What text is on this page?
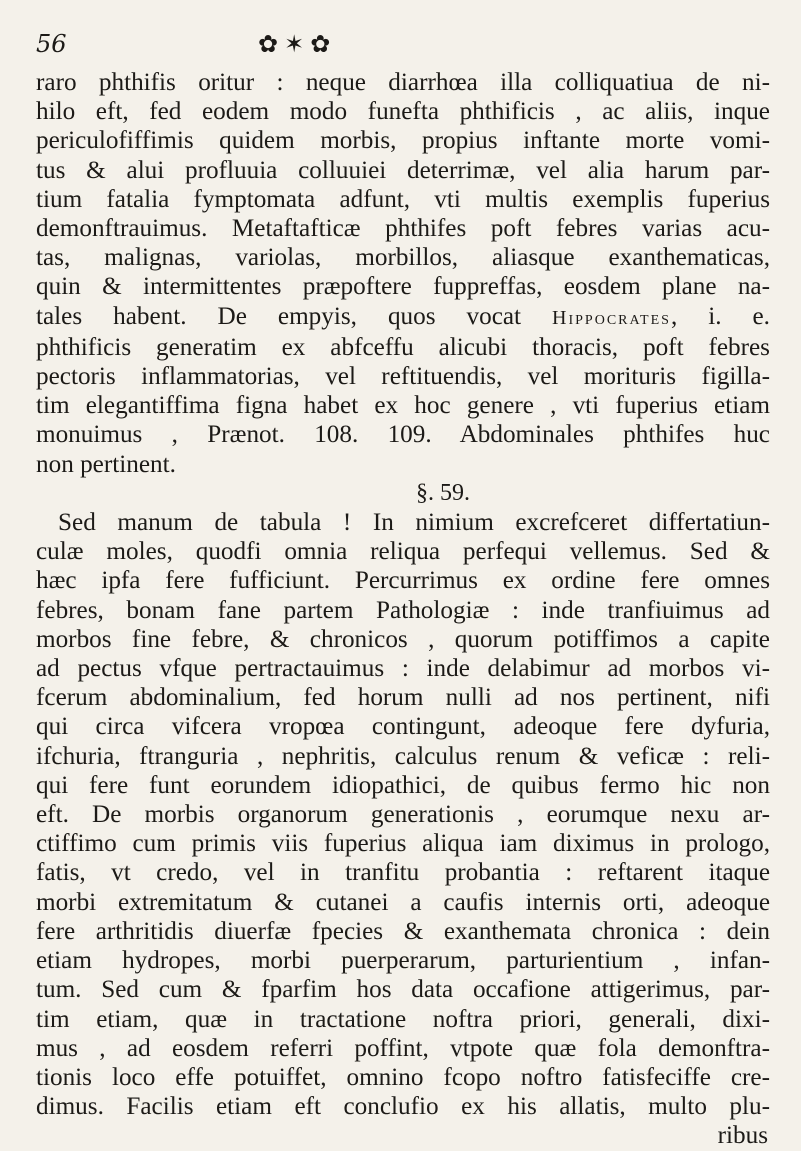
56	✿✶✿
raro phthifis oritur : neque diarrhœa illa colliquatiua de ni-
hilo eft, fed eodem modo funefta phthificis , ac aliis, inque
periculofiffimis quidem morbis, propius inftante morte vomi-
tus & alui profluuia colluuiei deterrimæ, vel alia harum par-
tium fatalia fymptomata adfunt, vti multis exemplis fuperius
demonftrauimus. Metaftafticæ phthifes poft febres varias acu-
tas, malignas, variolas, morbillos, aliasque exanthematicas,
quin & intermittentes præpoftere fuppreffas, eosdem plane na-
tales habent. De empyis, quos vocat Hippocrates, i. e.
phthificis generatim ex abfceffu alicubi thoracis, poft febres
pectoris inflammatorias, vel reftituendis, vel morituris figilla-
tim elegantiffima figna habet ex hoc genere , vti fuperius etiam
monuimus , Prænot. 108. 109. Abdominales phthifes huc
non pertinent.
§. 59.
Sed manum de tabula ! In nimium excrefceret differtatiun-
culæ moles, quodfi omnia reliqua perfequi vellemus. Sed &
hæc ipfa fere fufficiunt. Percurrimus ex ordine fere omnes
febres, bonam fane partem Pathologiæ : inde tranfiuimus ad
morbos fine febre, & chronicos , quorum potiffimos a capite
ad pectus vfque pertractauimus : inde delabimur ad morbos vi-
fcerum abdominalium, fed horum nulli ad nos pertinent, nifi
qui circa vifcera vropœa contingunt, adeoque fere dyfuria,
ifchuria, ftranguria , nephritis, calculus renum & veficæ : reli-
qui fere funt eorundem idiopathici, de quibus fermo hic non
eft. De morbis organorum generationis , eorumque nexu ar-
ctiffimo cum primis viis fuperius aliqua iam diximus in prologo,
fatis, vt credo, vel in tranfitu probantia : reftarent itaque
morbi extremitatum & cutanei a caufis internis orti, adeoque
fere arthritidis diuerfæ fpecies & exanthemata chronica : dein
etiam hydropes, morbi puerperarum, parturientium , infan-
tum. Sed cum & fparfim hos data occafione attigerimus, par-
tim etiam, quæ in tractatione noftra priori, generali, dixi-
mus , ad eosdem referri poffint, vtpote quæ fola demonftra-
tionis loco effe potuiffet, omnino fcopo noftro fatisfeciffe cre-
dimus. Facilis etiam eft conclufio ex his allatis, multo plu-
ribus
